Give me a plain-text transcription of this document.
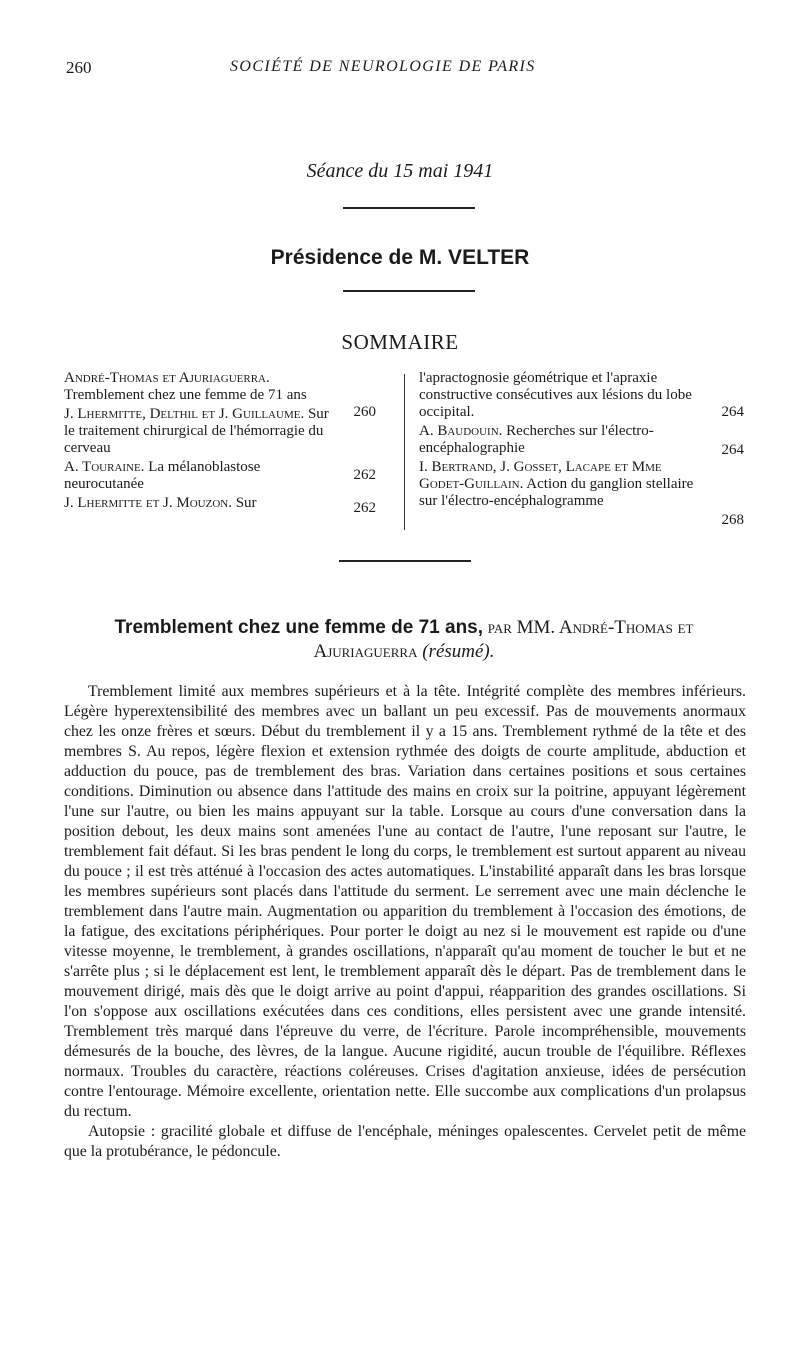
260	SOCIÉTÉ DE NEUROLOGIE DE PARIS
Séance du 15 mai 1941
Présidence de M. VELTER
SOMMAIRE
André-Thomas et Ajuriaguerra. Tremblement chez une femme de 71 ans
J. Lhermitte, Delthil et J. Guillaume. Sur le traitement chirurgical de l'hémorragie du cerveau
A. Touraine. La mélanoblastose neurocutanée
J. Lhermitte et J. Mouzon. Sur
260
262
262
l'apractognosie géométrique et l'apraxie constructive consécutives aux lésions du lobe occipital.
A. Baudouin. Recherches sur l'électro-encéphalographie
I. Bertrand, J. Gosset, Lacape et Mme Godet-Guillain. Action du ganglion stellaire sur l'électro-encéphalogramme
264
264
268
Tremblement chez une femme de 71 ans, par MM. André-Thomas et Ajuriaguerra (résumé).

Tremblement limité aux membres supérieurs et à la tête. Intégrité complète des membres inférieurs. Légère hyperextensibilité des membres avec un ballant un peu excessif. Pas de mouvements anormaux chez les onze frères et sœurs. Début du tremblement il y a 15 ans. Tremblement rythmé de la tête et des membres S. Au repos, légère flexion et extension rythmée des doigts de courte amplitude, abduction et adduction du pouce, pas de tremblement des bras. Variation dans certaines positions et sous certaines conditions. Diminution ou absence dans l'attitude des mains en croix sur la poitrine, appuyant légèrement l'une sur l'autre, ou bien les mains appuyant sur la table. Lorsque au cours d'une conversation dans la position debout, les deux mains sont amenées l'une au contact de l'autre, l'une reposant sur l'autre, le tremblement fait défaut. Si les bras pendent le long du corps, le tremblement est surtout apparent au niveau du pouce ; il est très atténué à l'occasion des actes automatiques. L'instabilité apparaît dans les bras lorsque les membres supérieurs sont placés dans l'attitude du serment. Le serrement avec une main déclenche le tremblement dans l'autre main. Augmentation ou apparition du tremblement à l'occasion des émotions, de la fatigue, des excitations périphériques. Pour porter le doigt au nez si le mouvement est rapide ou d'une vitesse moyenne, le tremblement, à grandes oscillations, n'apparaît qu'au moment de toucher le but et ne s'arrête plus ; si le déplacement est lent, le tremblement apparaît dès le départ. Pas de tremblement dans le mouvement dirigé, mais dès que le doigt arrive au point d'appui, réapparition des grandes oscillations. Si l'on s'oppose aux oscillations exécutées dans ces conditions, elles persistent avec une grande intensité. Tremblement très marqué dans l'épreuve du verre, de l'écriture. Parole incompréhensible, mouvements démesurés de la bouche, des lèvres, de la langue. Aucune rigidité, aucun trouble de l'équilibre. Réflexes normaux. Troubles du caractère, réactions coléreuses. Crises d'agitation anxieuse, idées de persécution contre l'entourage. Mémoire excellente, orientation nette. Elle succombe aux complications d'un prolapsus du rectum.

Autopsie : gracilité globale et diffuse de l'encéphale, méninges opalescentes. Cervelet petit de même que la protubérance, le pédoncule.
